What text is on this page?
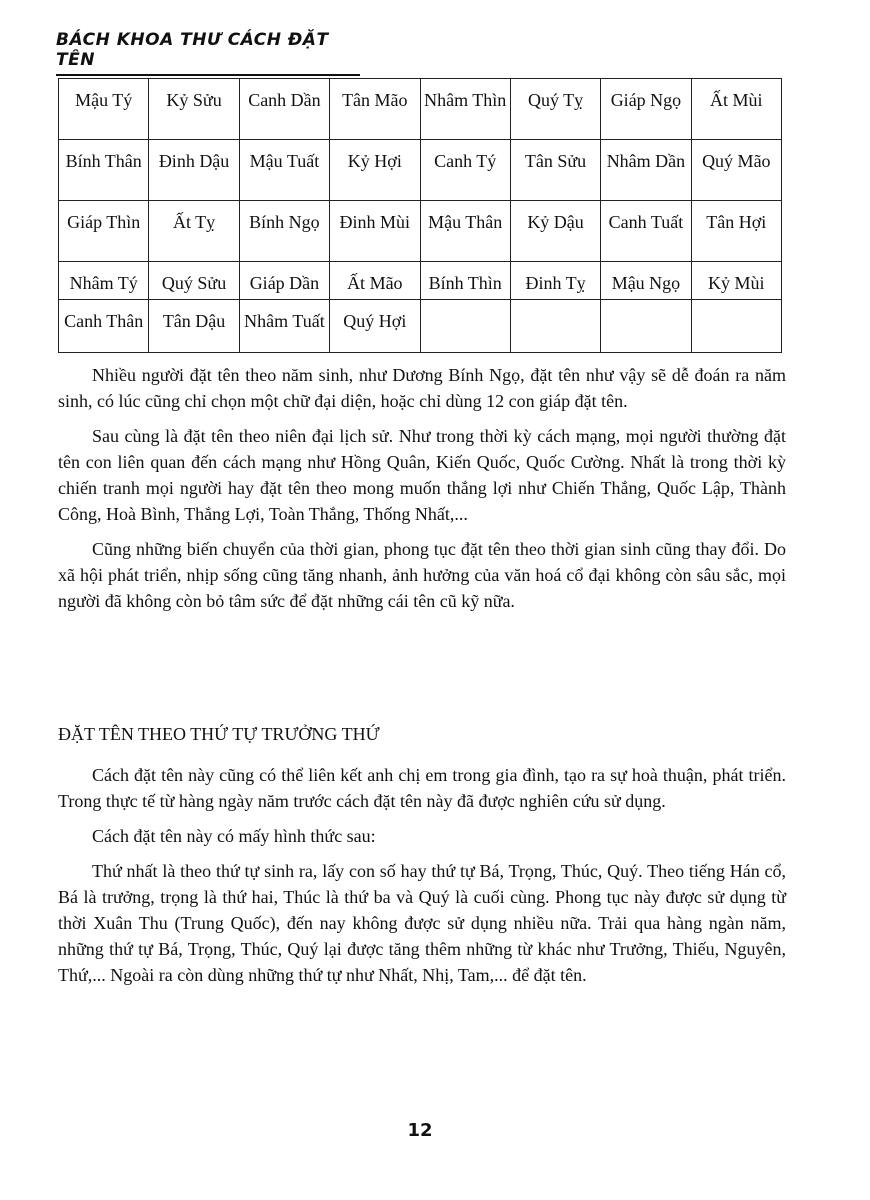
BÁCH KHOA THƯ CÁCH ĐẶT TÊN
Mậu Tý	Kỷ Sửu	Canh Dần	Tân Mão	Nhâm Thìn	Quý Tỵ	Giáp Ngọ	Ất Mùi
Bính Thân	Đinh Dậu	Mậu Tuất	Kỷ Hợi	Canh Tý	Tân Sửu	Nhâm Dần	Quý Mão
Giáp Thìn	Ất Tỵ	Bính Ngọ	Đinh Mùi	Mậu Thân	Kỷ Dậu	Canh Tuất	Tân Hợi
Nhâm Tý	Quý Sửu	Giáp Dần	Ất Mão	Bính Thìn	Đinh Tỵ	Mậu Ngọ	Kỷ Mùi
Canh Thân	Tân Dậu	Nhâm Tuất	Quý Hợi				

Nhiều người đặt tên theo năm sinh, như Dương Bính Ngọ, đặt tên như vậy sẽ dễ đoán ra năm sinh, có lúc cũng chỉ chọn một chữ đại diện, hoặc chỉ dùng 12 con giáp đặt tên.

Sau cùng là đặt tên theo niên đại lịch sử. Như trong thời kỳ cách mạng, mọi người thường đặt tên con liên quan đến cách mạng như Hồng Quân, Kiến Quốc, Quốc Cường. Nhất là trong thời kỳ chiến tranh mọi người hay đặt tên theo mong muốn thắng lợi như Chiến Thắng, Quốc Lập, Thành Công, Hoà Bình, Thắng Lợi, Toàn Thắng, Thống Nhất,...

Cũng những biến chuyển của thời gian, phong tục đặt tên theo thời gian sinh cũng thay đổi. Do xã hội phát triển, nhịp sống cũng tăng nhanh, ảnh hưởng của văn hoá cổ đại không còn sâu sắc, mọi người đã không còn bỏ tâm sức để đặt những cái tên cũ kỹ nữa.

ĐẶT TÊN THEO THỨ TỰ TRƯỞNG THỨ

Cách đặt tên này cũng có thể liên kết anh chị em trong gia đình, tạo ra sự hoà thuận, phát triển. Trong thực tế từ hàng ngày năm trước cách đặt tên này đã được nghiên cứu sử dụng.

Cách đặt tên này có mấy hình thức sau:

Thứ nhất là theo thứ tự sinh ra, lấy con số hay thứ tự Bá, Trọng, Thúc, Quý. Theo tiếng Hán cổ, Bá là trưởng, trọng là thứ hai, Thúc là thứ ba và Quý là cuối cùng. Phong tục này được sử dụng từ thời Xuân Thu (Trung Quốc), đến nay không được sử dụng nhiều nữa. Trải qua hàng ngàn năm, những thứ tự Bá, Trọng, Thúc, Quý lại được tăng thêm những từ khác như Trưởng, Thiếu, Nguyên, Thứ,... Ngoài ra còn dùng những thứ tự như Nhất, Nhị, Tam,... để đặt tên.

12
